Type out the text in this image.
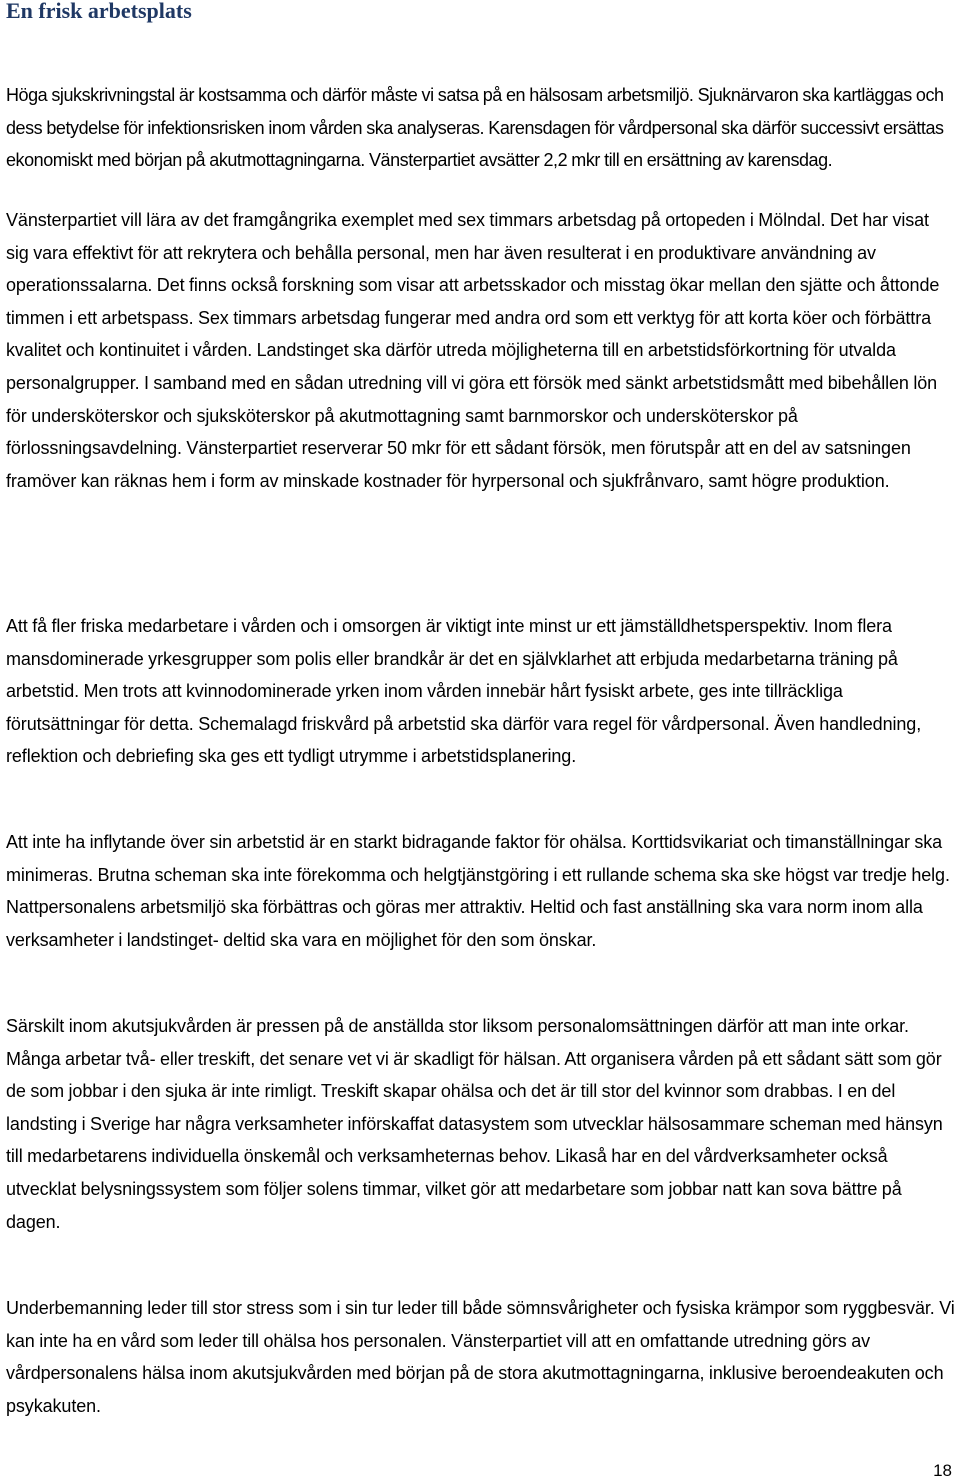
En frisk arbetsplats

Höga sjukskrivningstal är kostsamma och därför måste vi satsa på en hälsosam arbetsmiljö. Sjuknärvaron ska kartläggas och dess betydelse för infektionsrisken inom vården ska analyseras. Karensdagen för vårdpersonal ska därför successivt ersättas ekonomiskt med början på akutmottagningarna. Vänsterpartiet avsätter 2,2 mkr till en ersättning av karensdag.

Vänsterpartiet vill lära av det framgångrika exemplet med sex timmars arbetsdag på ortopeden i Mölndal. Det har visat sig vara effektivt för att rekrytera och behålla personal, men har även resulterat i en produktivare användning av operationssalarna. Det finns också forskning som visar att arbetsskador och misstag ökar mellan den sjätte och åttonde timmen i ett arbetspass. Sex timmars arbetsdag fungerar med andra ord som ett verktyg för att korta köer och förbättra kvalitet och kontinuitet i vården. Landstinget ska därför utreda möjligheterna till en arbetstidsförkortning för utvalda personalgrupper. I samband med en sådan utredning vill vi göra ett försök med sänkt arbetstidsmått med bibehållen lön för undersköterskor och sjuksköterskor på akutmottagning samt barnmorskor och undersköterskor på förlossningsavdelning. Vänsterpartiet reserverar 50 mkr för ett sådant försök, men förutspår att en del av satsningen framöver kan räknas hem i form av minskade kostnader för hyrpersonal och sjukfrånvaro, samt högre produktion.

Att få fler friska medarbetare i vården och i omsorgen är viktigt inte minst ur ett jämställdhetsperspektiv. Inom flera mansdominerade yrkesgrupper som polis eller brandkår är det en självklarhet att erbjuda medarbetarna träning på arbetstid. Men trots att kvinnodominerade yrken inom vården innebär hårt fysiskt arbete, ges inte tillräckliga förutsättningar för detta. Schemalagd friskvård på arbetstid ska därför vara regel för vårdpersonal. Även handledning, reflektion och debriefing ska ges ett tydligt utrymme i arbetstidsplanering.

Att inte ha inflytande över sin arbetstid är en starkt bidragande faktor för ohälsa. Korttidsvikariat och timanställningar ska minimeras. Brutna scheman ska inte förekomma och helgtjänstgöring i ett rullande schema ska ske högst var tredje helg. Nattpersonalens arbetsmiljö ska förbättras och göras mer attraktiv. Heltid och fast anställning ska vara norm inom alla verksamheter i landstinget- deltid ska vara en möjlighet för den som önskar.

Särskilt inom akutsjukvården är pressen på de anställda stor liksom personalomsättningen därför att man inte orkar. Många arbetar två- eller treskift, det senare vet vi är skadligt för hälsan. Att organisera vården på ett sådant sätt som gör de som jobbar i den sjuka är inte rimligt. Treskift skapar ohälsa och det är till stor del kvinnor som drabbas. I en del landsting i Sverige har några verksamheter införskaffat datasystem som utvecklar hälsosammare scheman med hänsyn till medarbetarens individuella önskemål och verksamheternas behov. Likaså har en del vårdverksamheter också utvecklat belysningssystem som följer solens timmar, vilket gör att medarbetare som jobbar natt kan sova bättre på dagen.

Underbemanning leder till stor stress som i sin tur leder till både sömnsvårigheter och fysiska krämpor som ryggbesvär. Vi kan inte ha en vård som leder till ohälsa hos personalen. Vänsterpartiet vill att en omfattande utredning görs av vårdpersonalens hälsa inom akutsjukvården med början på de stora akutmottagningarna, inklusive beroendeakuten och psykakuten.

18
